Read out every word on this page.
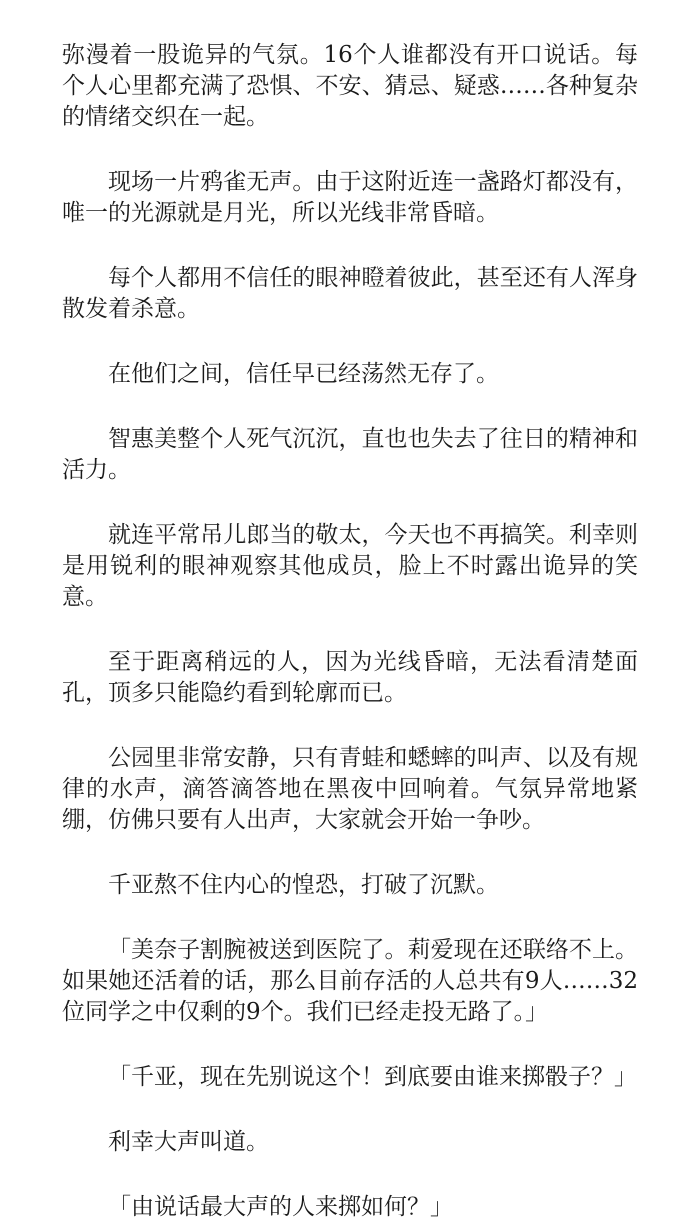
弥漫着一股诡异的气氛。16个人谁都没有开口说话。每个人心里都充满了恐惧、不安、猜忌、疑惑……各种复杂的情绪交织在一起。

现场一片鸦雀无声。由于这附近连一盏路灯都没有，唯一的光源就是月光，所以光线非常昏暗。

每个人都用不信任的眼神瞪着彼此，甚至还有人浑身散发着杀意。

在他们之间，信任早已经荡然无存了。

智惠美整个人死气沉沉，直也也失去了往日的精神和活力。

就连平常吊儿郎当的敬太，今天也不再搞笑。利幸则是用锐利的眼神观察其他成员，脸上不时露出诡异的笑意。

至于距离稍远的人，因为光线昏暗，无法看清楚面孔，顶多只能隐约看到轮廓而已。

公园里非常安静，只有青蛙和蟋蟀的叫声、以及有规律的水声，滴答滴答地在黑夜中回响着。气氛异常地紧绷，仿佛只要有人出声，大家就会开始一争吵。

千亚熬不住内心的惶恐，打破了沉默。

「美奈子割腕被送到医院了。莉爱现在还联络不上。如果她还活着的话，那么目前存活的人总共有9人……32位同学之中仅剩的9个。我们已经走投无路了。」

「千亚，现在先别说这个！到底要由谁来掷骰子？」

利幸大声叫道。

「由说话最大声的人来掷如何？」
